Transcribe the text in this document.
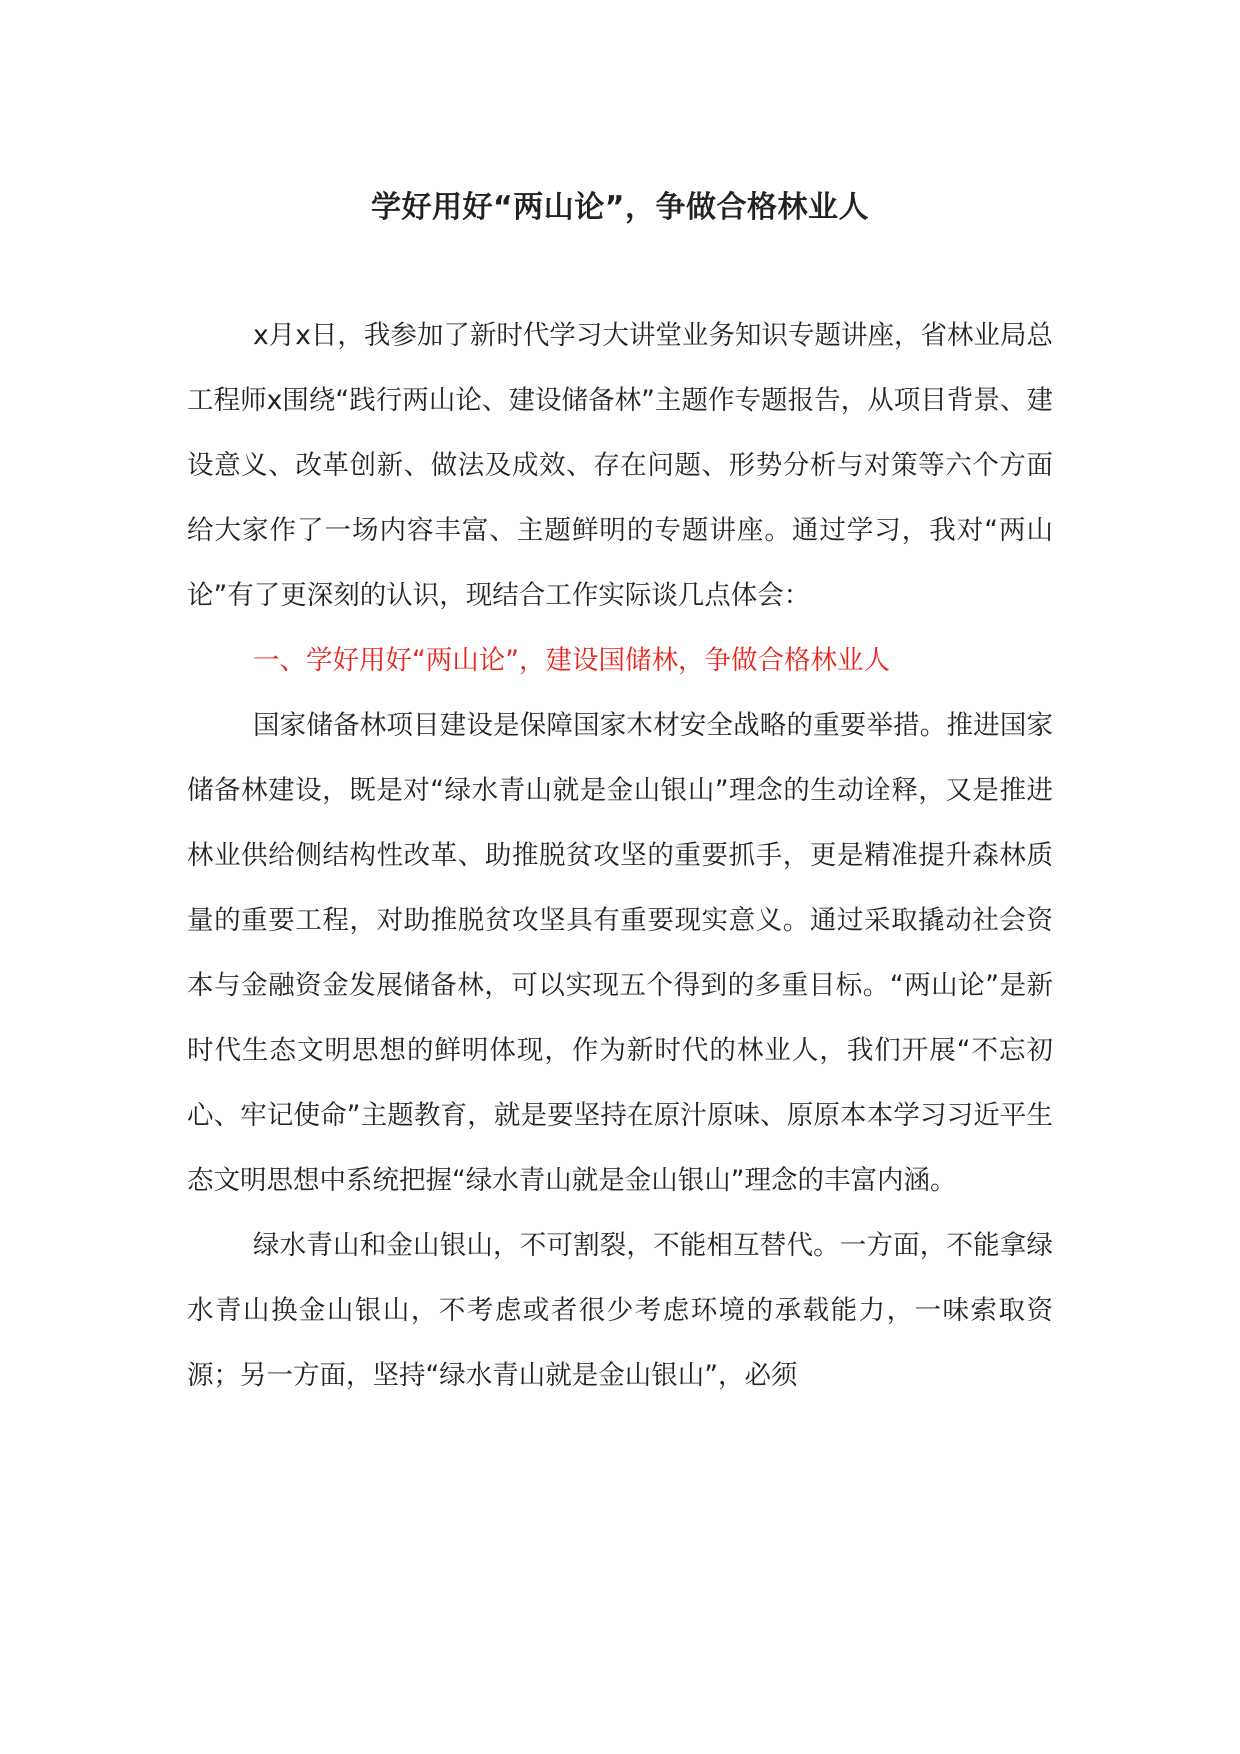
学好用好“两山论”，争做合格林业人

x月x日，我参加了新时代学习大讲堂业务知识专题讲座，省林业局总工程师x围绕“践行两山论、建设储备林”主题作专题报告，从项目背景、建设意义、改革创新、做法及成效、存在问题、形势分析与对策等六个方面给大家作了一场内容丰富、主题鲜明的专题讲座。通过学习，我对“两山论”有了更深刻的认识，现结合工作实际谈几点体会：

一、学好用好“两山论”，建设国储林，争做合格林业人

国家储备林项目建设是保障国家木材安全战略的重要举措。推进国家储备林建设，既是对“绿水青山就是金山银山”理念的生动诠释，又是推进林业供给侧结构性改革、助推脱贫攻坚的重要抓手，更是精准提升森林质量的重要工程，对助推脱贫攻坚具有重要现实意义。通过采取撬动社会资本与金融资金发展储备林，可以实现五个得到的多重目标。“两山论”是新时代生态文明思想的鲜明体现，作为新时代的林业人，我们开展“不忘初心、牢记使命”主题教育，就是要坚持在原汁原味、原原本本学习习近平生态文明思想中系统把握“绿水青山就是金山银山”理念的丰富内涵。

绿水青山和金山银山，不可割裂，不能相互替代。一方面，不能拿绿水青山换金山银山，不考虑或者很少考虑环境的承载能力，一味索取资源；另一方面，坚持“绿水青山就是金山银山”，必须
